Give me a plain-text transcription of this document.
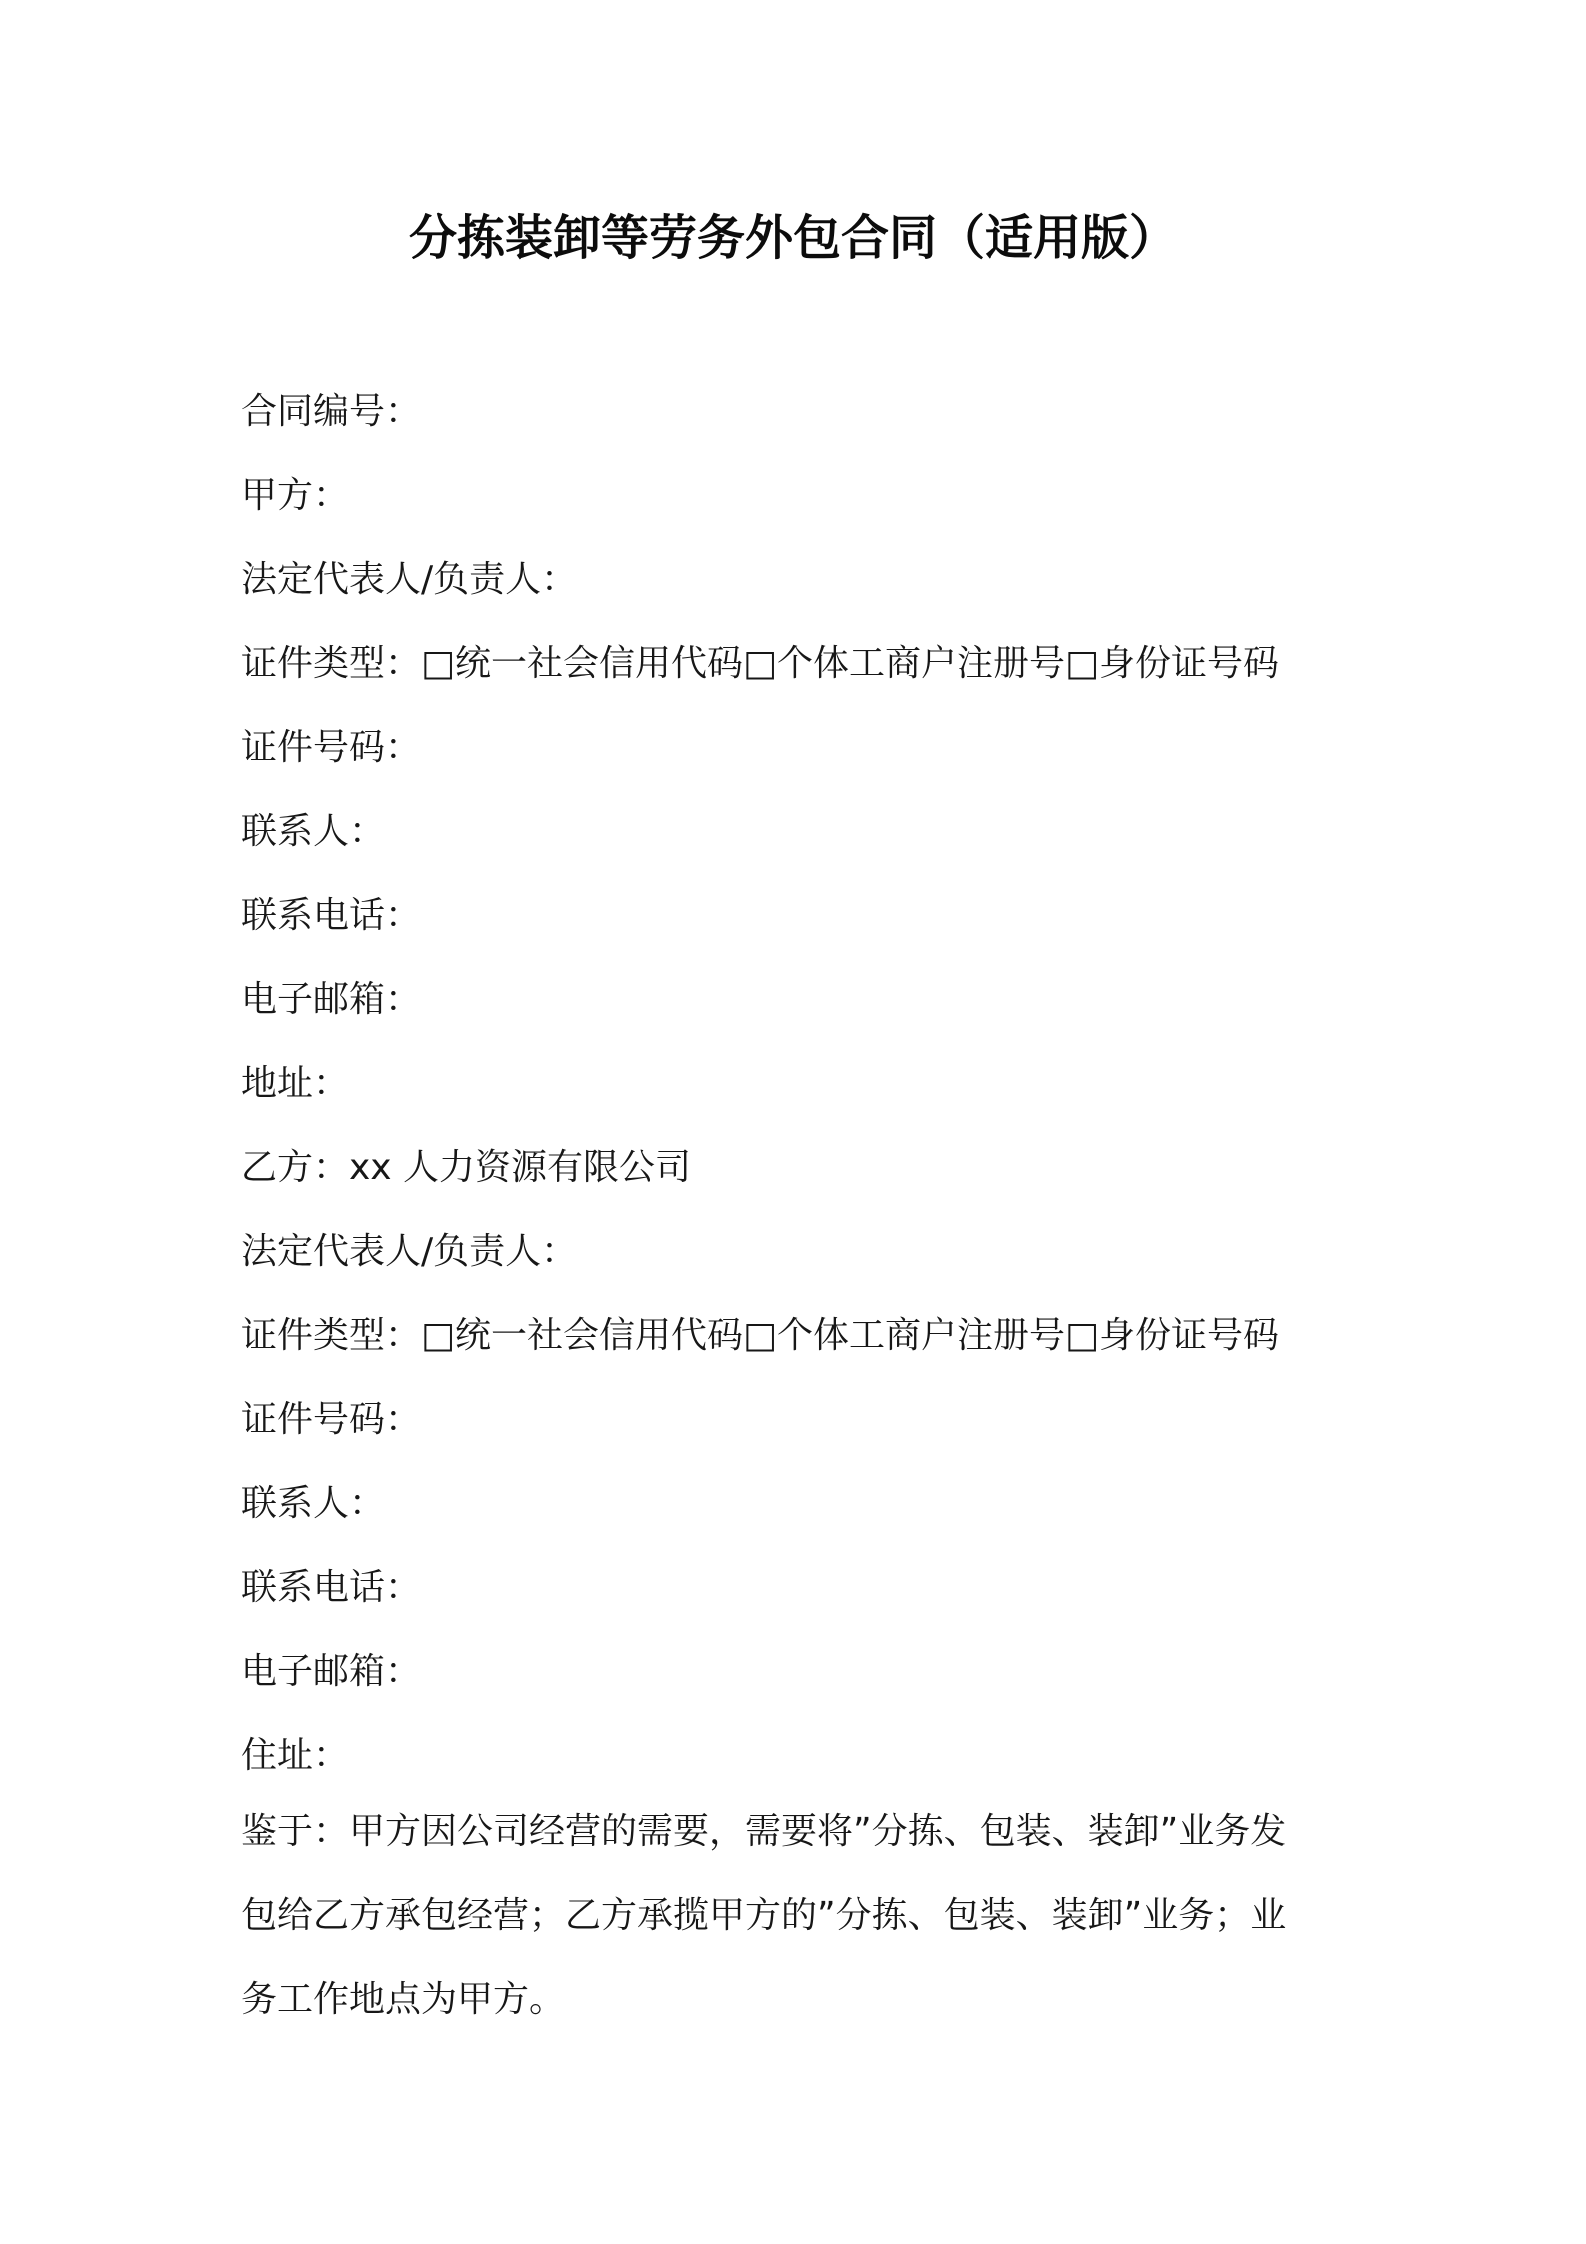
分拣装卸等劳务外包合同（适用版）
合同编号：
甲方：
法定代表人/负责人：
证件类型：□统一社会信用代码□个体工商户注册号□身份证号码
证件号码：
联系人：
联系电话：
电子邮箱：
地址：
乙方：xx 人力资源有限公司
法定代表人/负责人：
证件类型：□统一社会信用代码□个体工商户注册号□身份证号码
证件号码：
联系人：
联系电话：
电子邮箱：
住址：
鉴于：甲方因公司经营的需要，需要将”分拣、包装、装卸”业务发
包给乙方承包经营；乙方承揽甲方的”分拣、包装、装卸”业务；业
务工作地点为甲方。
